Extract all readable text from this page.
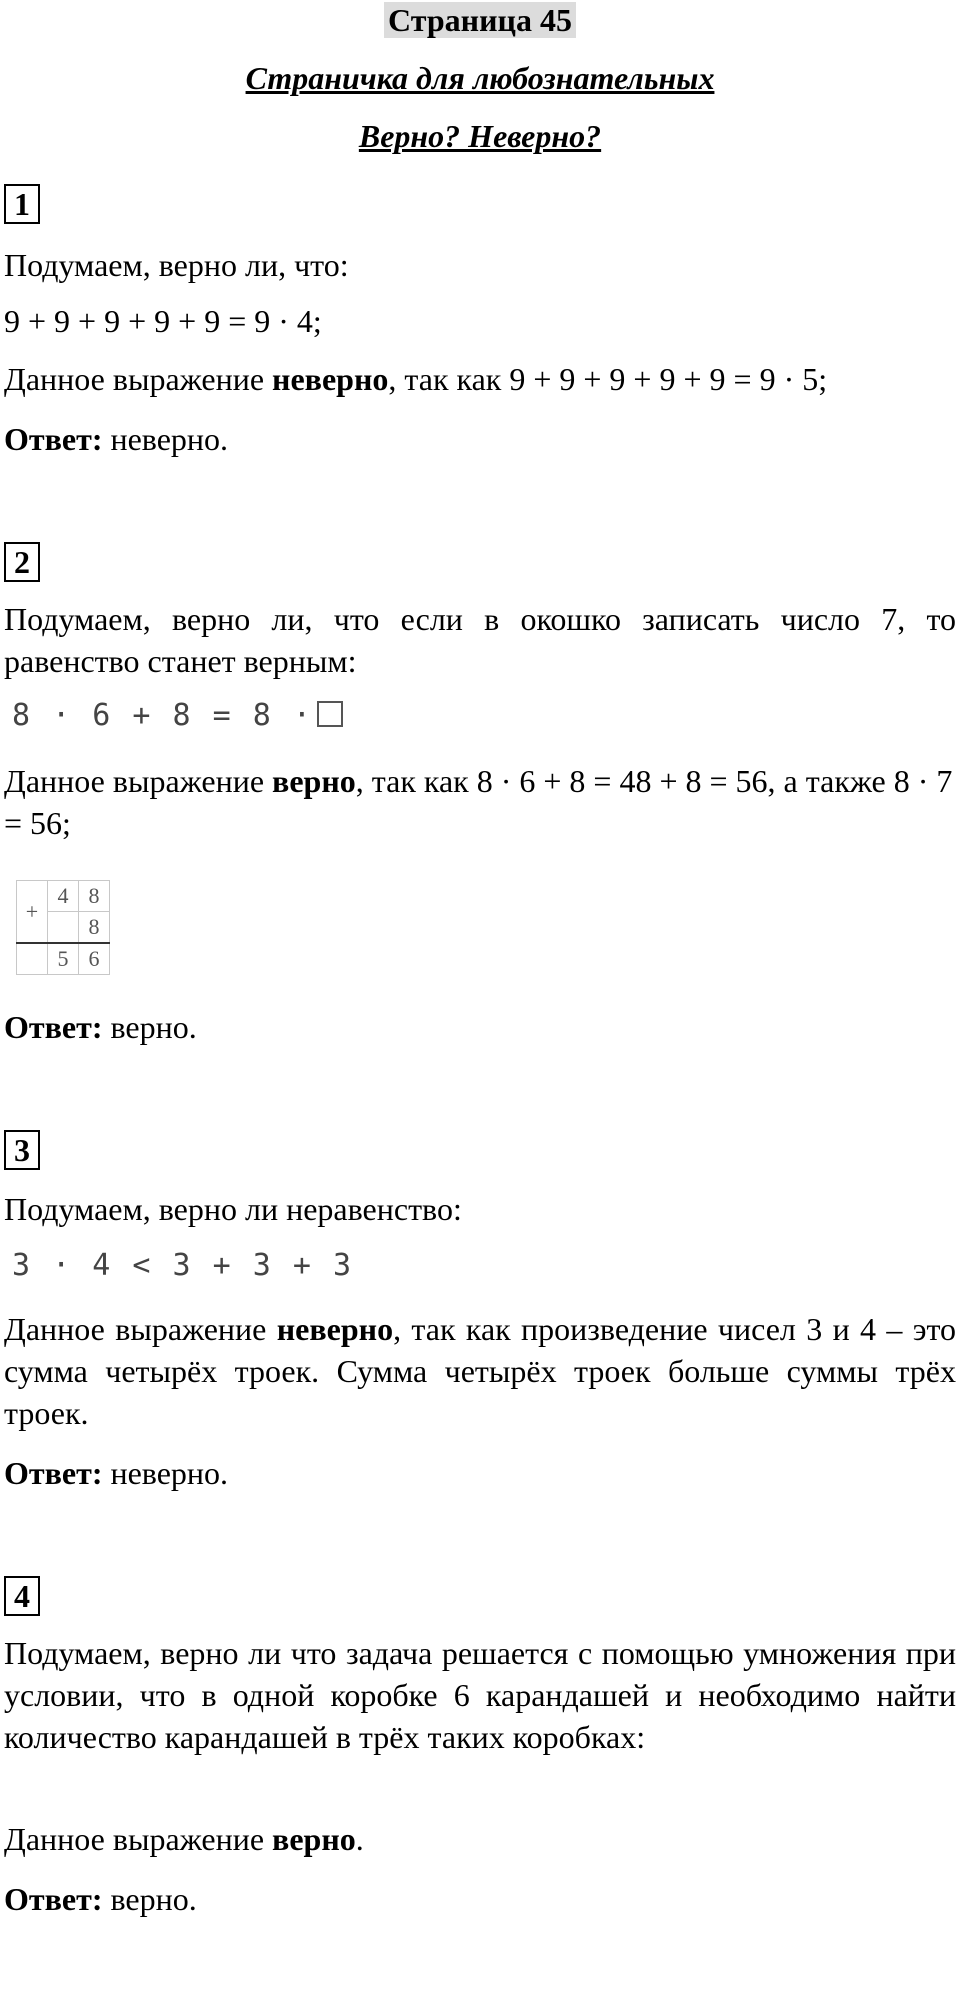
Страница 45
Страничка для любознательных
Верно? Неверно?
1
Подумаем, верно ли, что:
9 + 9 + 9 + 9 + 9 = 9 · 4;
Данное выражение неверно, так как 9 + 9 + 9 + 9 + 9 = 9 · 5;
Ответ: неверно.
2
Подумаем, верно ли, что если в окошко записать число 7, то равенство станет верным:
8 · 6 + 8 = 8 ·
Данное выражение верно, так как 8 · 6 + 8 = 48 + 8 = 56, а также 8 · 7 = 56;
+	4	8
		8
	5	6
Ответ: верно.
3
Подумаем, верно ли неравенство:
3 · 4 < 3 + 3 + 3
Данное выражение неверно, так как произведение чисел 3 и 4 – это сумма четырёх троек. Сумма четырёх троек больше суммы трёх троек.
Ответ: неверно.
4
Подумаем, верно ли что задача решается с помощью умножения при условии, что в одной коробке 6 карандашей и необходимо найти количество карандашей в трёх таких коробках:
Данное выражение верно.
Ответ: верно.
